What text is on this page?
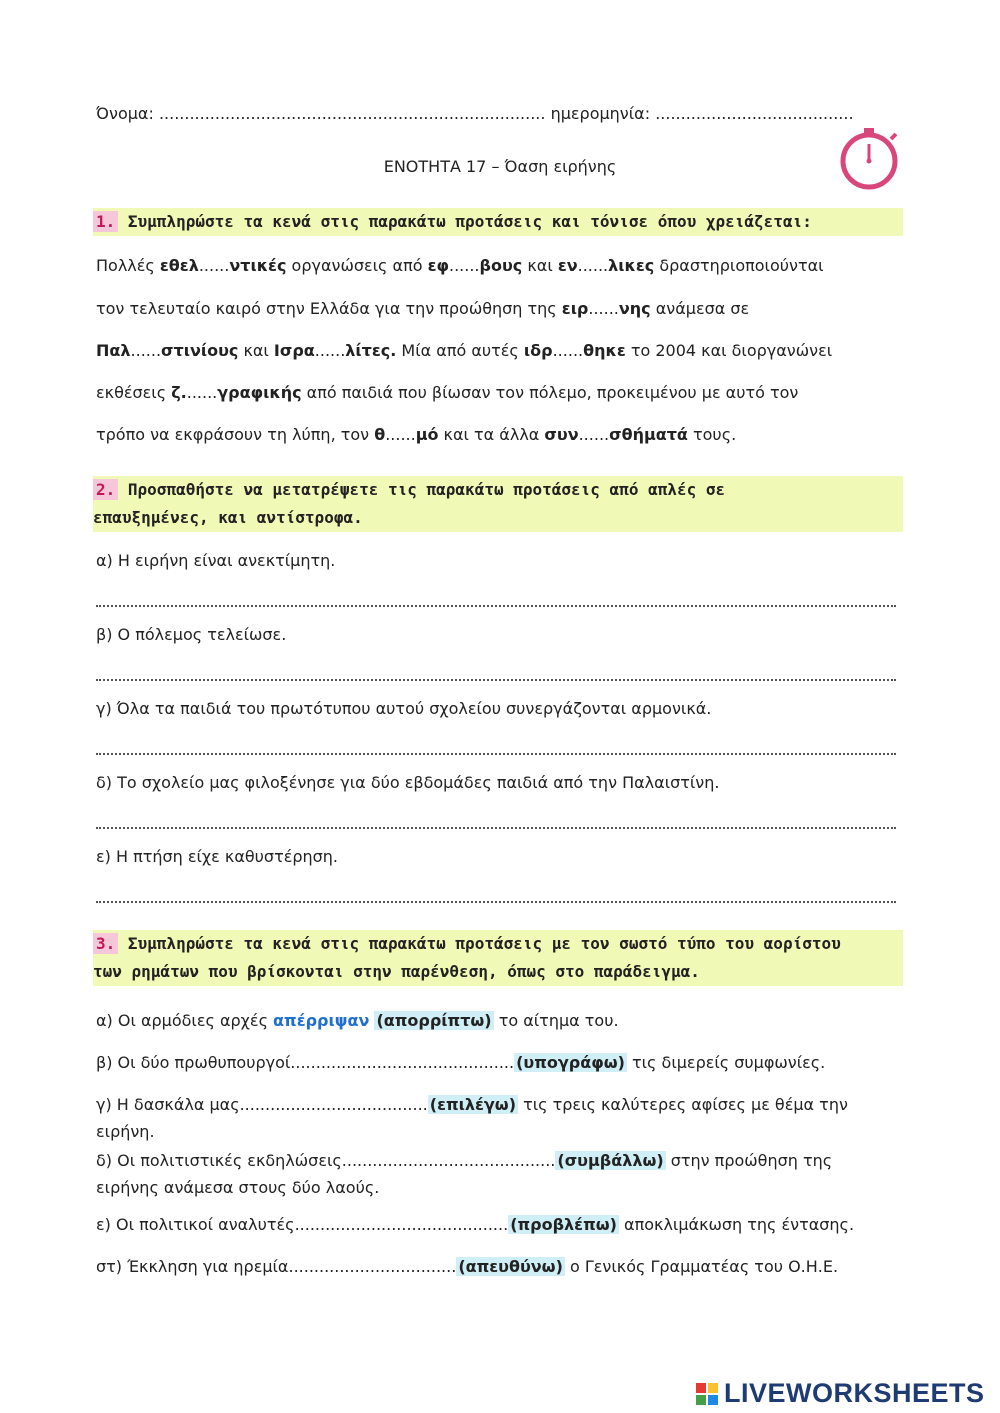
Όνομα: ............................................................................ ημερομηνία: .......................................
ΕΝΟΤΗΤΑ 17 – Όαση ειρήνης
1. Συμπληρώστε τα κενά στις παρακάτω προτάσεις και τόνισε όπου χρειάζεται:
Πολλές εθελ......ντικές οργανώσεις από εφ......βους και εν......λικες δραστηριοποιούνται
τον τελευταίο καιρό στην Ελλάδα για την προώθηση της ειρ......νης ανάμεσα σε
Παλ......στινίους και Ισρα......λίτες. Μία από αυτές ιδρ......θηκε το 2004 και διοργανώνει
εκθέσεις ζ.......γραφικής από παιδιά που βίωσαν τον πόλεμο, προκειμένου με αυτό τον
τρόπο να εκφράσουν τη λύπη, τον θ......μό και τα άλλα συν......σθήματά τους.
2. Προσπαθήστε να μετατρέψετε τις παρακάτω προτάσεις από απλές σε
επαυξημένες, και αντίστροφα.
α) Η ειρήνη είναι ανεκτίμητη.
β) Ο πόλεμος τελείωσε.
γ) Όλα τα παιδιά του πρωτότυπου αυτού σχολείου συνεργάζονται αρμονικά.
δ) Το σχολείο μας φιλοξένησε για δύο εβδομάδες παιδιά από την Παλαιστίνη.
ε) Η πτήση είχε καθυστέρηση.
3. Συμπληρώστε τα κενά στις παρακάτω προτάσεις με τον σωστό τύπο του αορίστου
των ρημάτων που βρίσκονται στην παρένθεση, όπως στο παράδειγμα.
α) Οι αρμόδιες αρχές απέρριψαν (απορρίπτω) το αίτημα του.
β) Οι δύο πρωθυπουργοί............................................ (υπογράφω) τις διμερείς συμφωνίες.
γ) Η δασκάλα μας..................................... (επιλέγω) τις τρεις καλύτερες αφίσες με θέμα την
ειρήνη.
δ) Οι πολιτιστικές εκδηλώσεις.......................................... (συμβάλλω) στην προώθηση της
ειρήνης ανάμεσα στους δύο λαούς.
ε) Οι πολιτικοί αναλυτές.......................................... (προβλέπω) αποκλιμάκωση της έντασης.
στ) Έκκληση για ηρεμία................................. (απευθύνω) ο Γενικός Γραμματέας του Ο.Η.Ε.
LIVEWORKSHEETS
